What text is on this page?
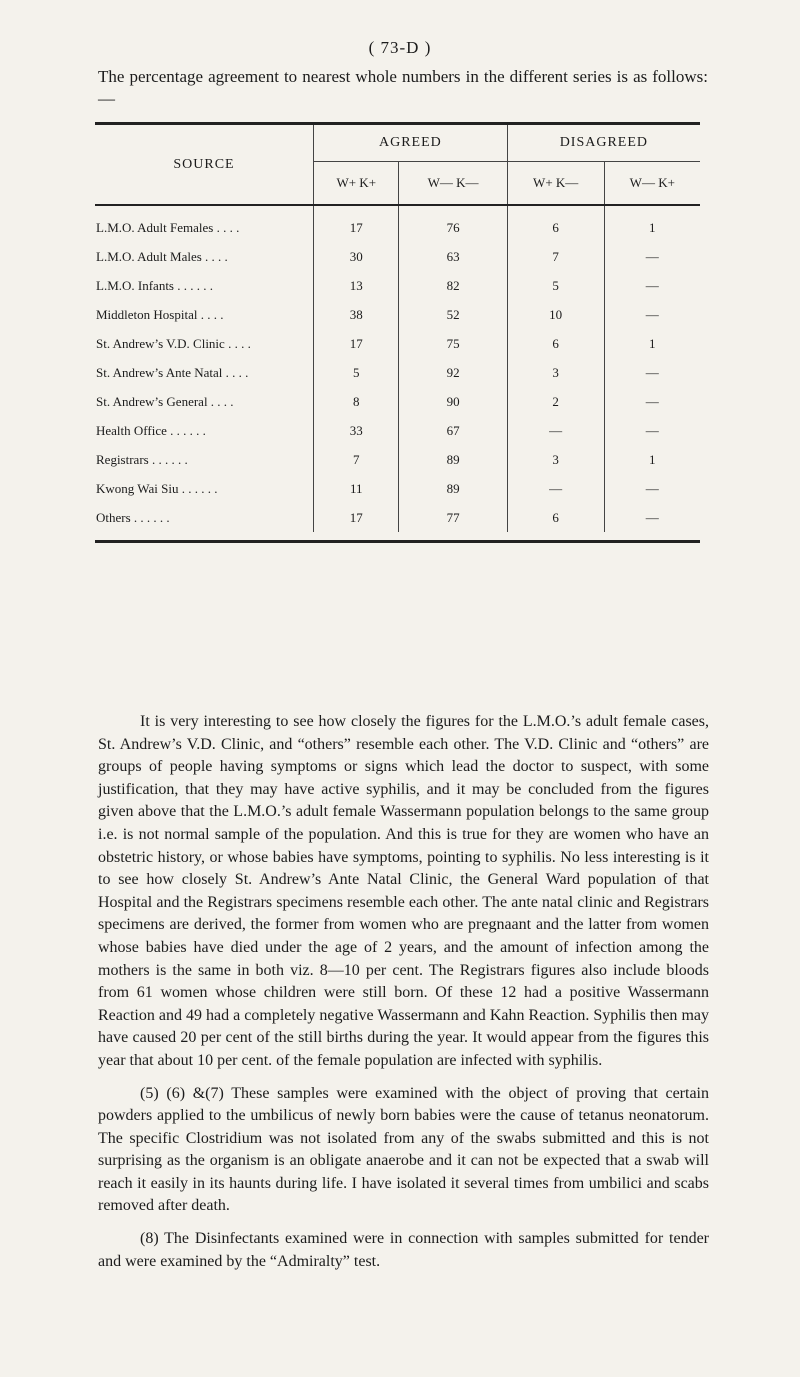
( 73-D )
The percentage agreement to nearest whole numbers in the different series is as follows:—
SOURCE	AGREED		DISAGREED	
	W+ K+	W— K—	W+ K—	W— K+
L.M.O. Adult Females . . . .	17	76	6	1
L.M.O. Adult Males . . . .	30	63	7	—
L.M.O. Infants . . . . . .	13	82	5	—
Middleton Hospital . . . .	38	52	10	—
St. Andrew’s V.D. Clinic . . . .	17	75	6	1
St. Andrew’s Ante Natal . . . .	5	92	3	—
St. Andrew’s General . . . .	8	90	2	—
Health Office . . . . . .	33	67	—	—
Registrars . . . . . .	7	89	3	1
Kwong Wai Siu . . . . . .	11	89	—	—
Others . . . . . .	17	77	6	—

It is very interesting to see how closely the figures for the L.M.O.’s adult female cases, St. Andrew’s V.D. Clinic, and “others” resemble each other. The V.D. Clinic and “others” are groups of people having symptoms or signs which lead the doctor to suspect, with some justification, that they may have active syphilis, and it may be concluded from the figures given above that the L.M.O.’s adult female Wassermann population belongs to the same group i.e. is not normal sample of the population. And this is true for they are women who have an obstetric history, or whose babies have symptoms, pointing to syphilis. No less interesting is it to see how closely St. Andrew’s Ante Natal Clinic, the General Ward population of that Hospital and the Registrars specimens resemble each other. The ante natal clinic and Registrars specimens are derived, the former from women who are pregnaant and the latter from women whose babies have died under the age of 2 years, and the amount of infection among the mothers is the same in both viz. 8—10 per cent. The Registrars figures also include bloods from 61 women whose children were still born. Of these 12 had a positive Wassermann Reaction and 49 had a completely negative Wassermann and Kahn Reaction. Syphilis then may have caused 20 per cent of the still births during the year. It would appear from the figures this year that about 10 per cent. of the female population are infected with syphilis.

(5) (6) &(7) These samples were examined with the object of proving that certain powders applied to the umbilicus of newly born babies were the cause of tetanus neonatorum. The specific Clostridium was not isolated from any of the swabs submitted and this is not surprising as the organism is an obligate anaerobe and it can not be expected that a swab will reach it easily in its haunts during life. I have isolated it several times from umbilici and scabs removed after death.

(8) The Disinfectants examined were in connection with samples submitted for tender and were examined by the “Admiralty” test.
